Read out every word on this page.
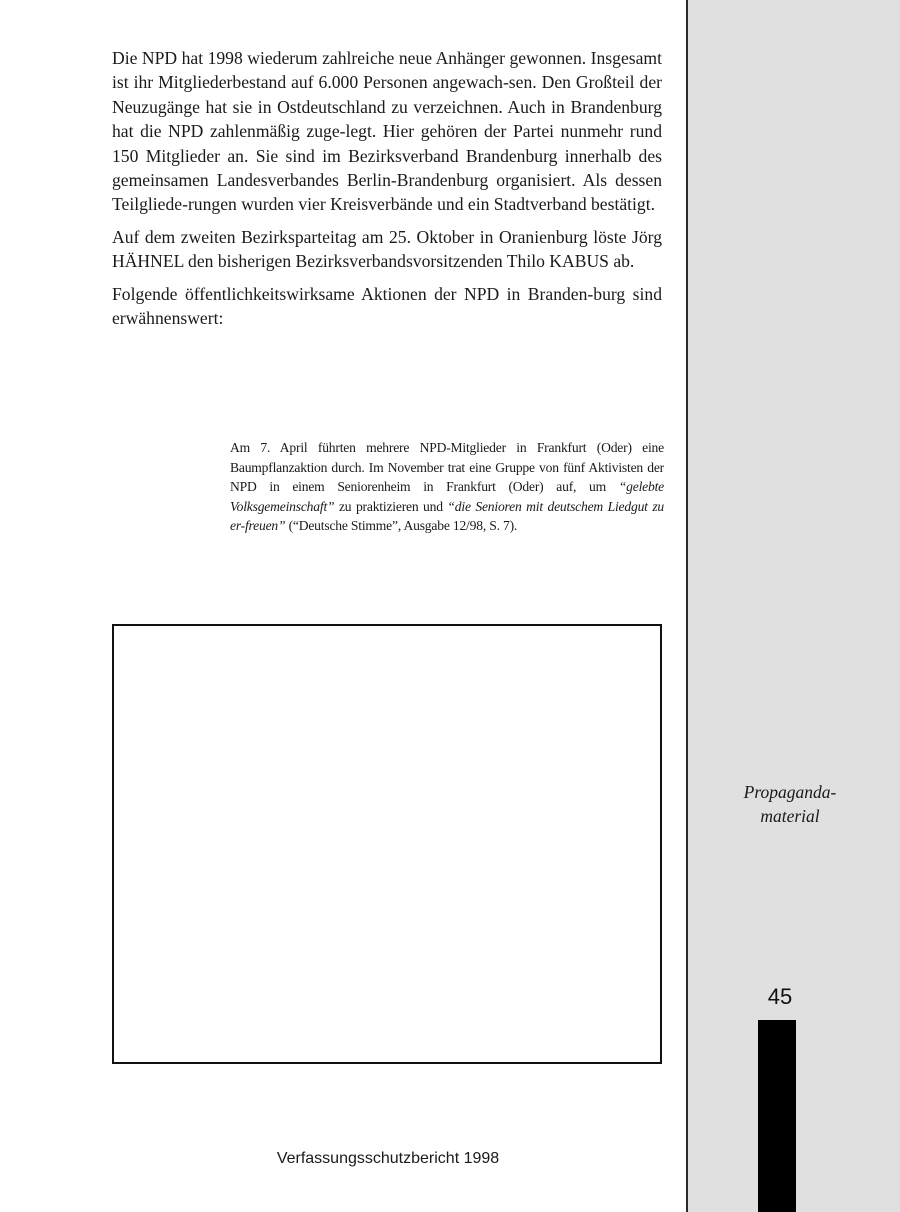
Die NPD hat 1998 wiederum zahlreiche neue Anhänger gewonnen. Insgesamt ist ihr Mitgliederbestand auf 6.000 Personen angewach-sen. Den Großteil der Neuzugänge hat sie in Ostdeutschland zu verzeichnen. Auch in Brandenburg hat die NPD zahlenmäßig zuge-legt. Hier gehören der Partei nunmehr rund 150 Mitglieder an. Sie sind im Bezirksverband Brandenburg innerhalb des gemeinsamen Landesverbandes Berlin-Brandenburg organisiert. Als dessen Teilgliede-rungen wurden vier Kreisverbände und ein Stadtverband bestätigt.

Auf dem zweiten Bezirksparteitag am 25. Oktober in Oranienburg löste Jörg HÄHNEL den bisherigen Bezirksverbandsvorsitzenden Thilo KABUS ab.

Folgende öffentlichkeitswirksame Aktionen der NPD in Branden-burg sind erwähnenswert:

Am 7. April führten mehrere NPD-Mitglieder in Frankfurt (Oder) eine Baumpflanzaktion durch. Im November trat eine Gruppe von fünf Aktivisten der NPD in einem Seniorenheim in Frankfurt (Oder) auf, um “gelebte Volksgemeinschaft” zu praktizieren und “die Senioren mit deutschem Liedgut zu er-freuen” (“Deutsche Stimme”, Ausgabe 12/98, S. 7).
Verfassungsschutzbericht 1998
Propaganda-
material
45
